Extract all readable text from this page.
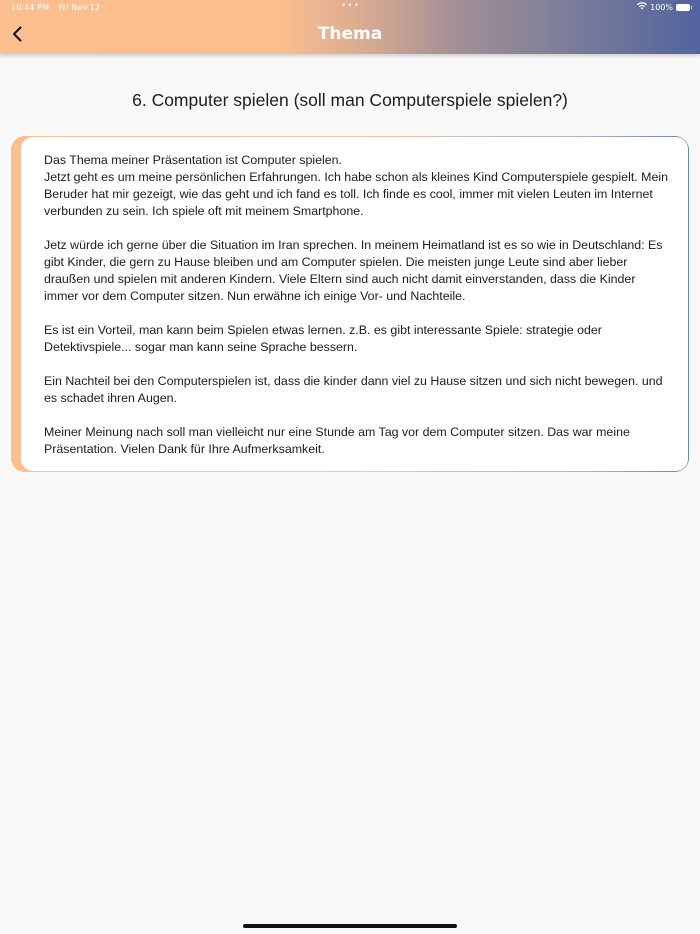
10:44 PM Fri Nov 12	•••	100%
Thema
6. Computer spielen (soll man Computerspiele spielen?)

Das Thema meiner Präsentation ist Computer spielen.
Jetzt geht es um meine persönlichen Erfahrungen. Ich habe schon als kleines Kind Computerspiele gespielt. Mein Beruder hat mir gezeigt, wie das geht und ich fand es toll. Ich finde es cool, immer mit vielen Leuten im Internet verbunden zu sein. Ich spiele oft mit meinem Smartphone.

Jetz würde ich gerne über die Situation im Iran sprechen. In meinem Heimatland ist es so wie in Deutschland: Es gibt Kinder, die gern zu Hause bleiben und am Computer spielen. Die meisten junge Leute sind aber lieber draußen und spielen mit anderen Kindern. Viele Eltern sind auch nicht damit einverstanden, dass die Kinder immer vor dem Computer sitzen. Nun erwähne ich einige Vor- und Nachteile.

Es ist ein Vorteil, man kann beim Spielen etwas lernen. z.B. es gibt interessante Spiele: strategie oder Detektivspiele... sogar man kann seine Sprache bessern.

Ein Nachteil bei den Computerspielen ist, dass die kinder dann viel zu Hause sitzen und sich nicht bewegen. und es schadet ihren Augen.

Meiner Meinung nach soll man vielleicht nur eine Stunde am Tag vor dem Computer sitzen. Das war meine Präsentation. Vielen Dank für Ihre Aufmerksamkeit.
